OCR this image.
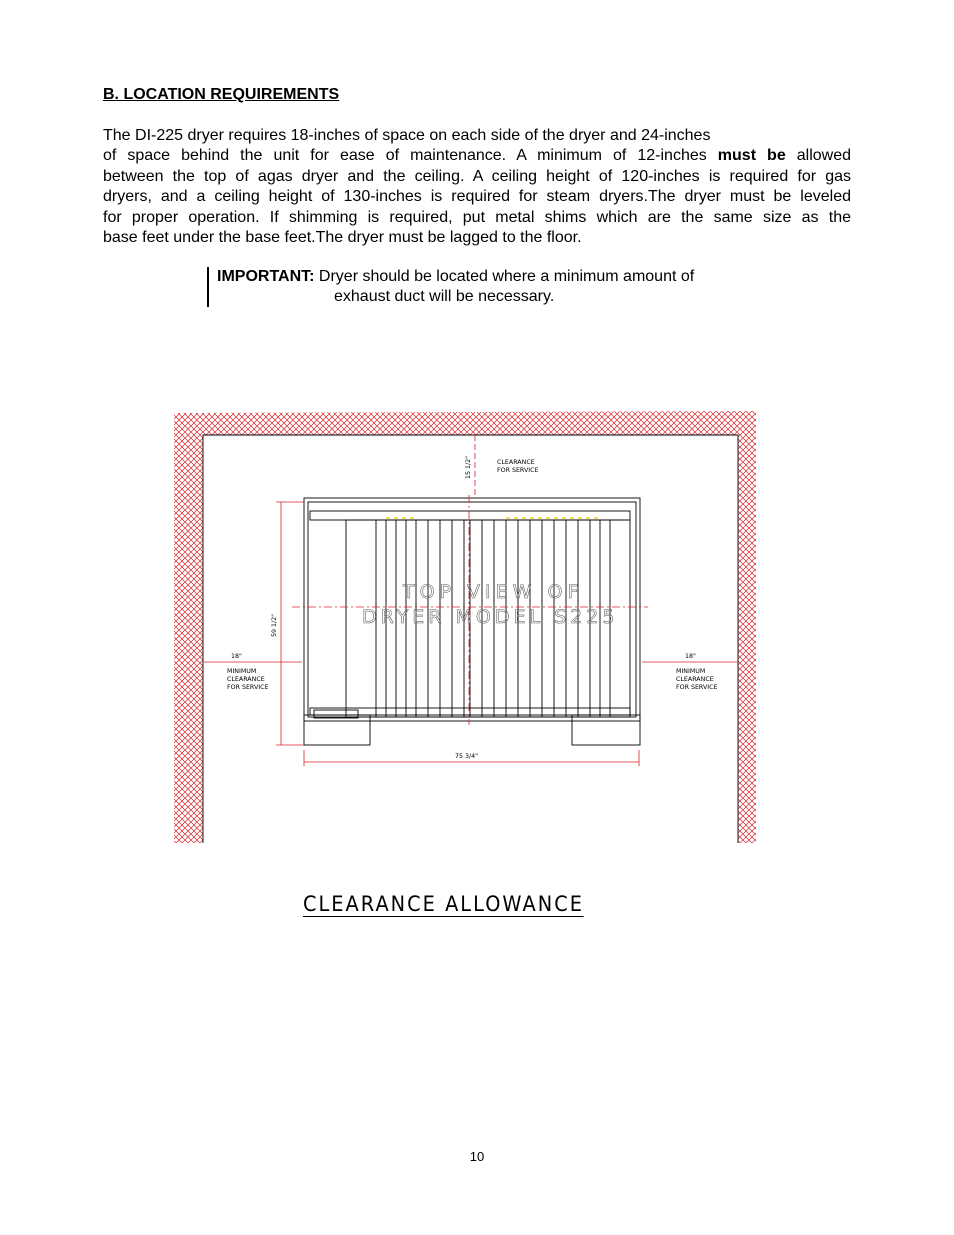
B. LOCATION REQUIREMENTS
The DI-225 dryer requires 18-inches of space on each side of the dryer and 24-inches
of space behind the unit for ease of maintenance. A minimum of 12-inches must be allowed
between the top of agas dryer and the ceiling. A ceiling height of 120-inches is required for gas
dryers, and a ceiling height of 130-inches is required for steam dryers.The dryer must be leveled
for proper operation. If shimming is required, put metal shims which are the same size as the
base feet under the base feet.The dryer must be lagged to the floor.
IMPORTANT: Dryer should be located where a minimum amount of
exhaust duct will be necessary.
15 1/2"	CLEARANCE
FOR SERVICE
TOP VIEW OF
DRYER MODEL S225
59 1/2"
75 3/4"
18"
MINIMUM
CLEARANCE
FOR SERVICE
18"
MINIMUM
CLEARANCE
FOR SERVICE
CLEARANCE ALLOWANCE
10
